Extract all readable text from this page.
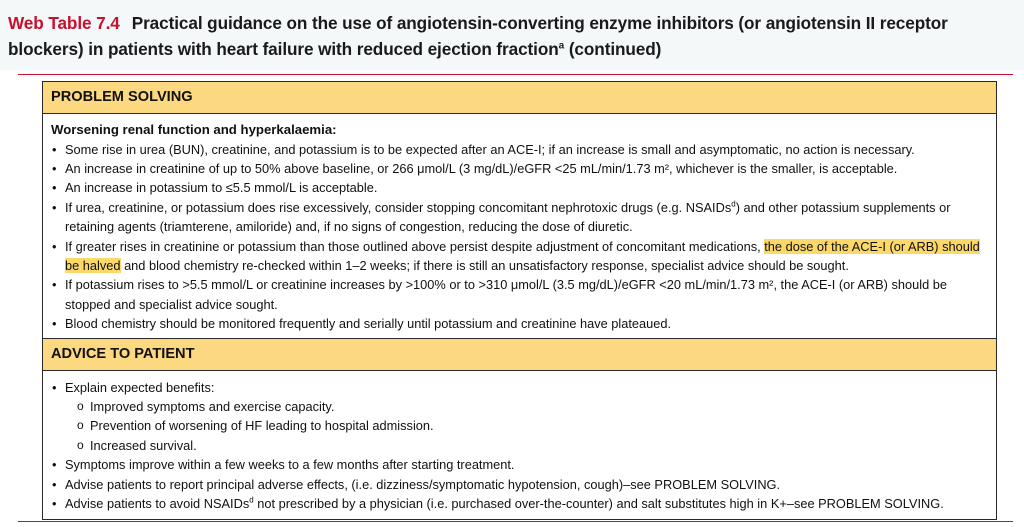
Web Table 7.4 Practical guidance on the use of angiotensin-converting enzyme inhibitors (or angiotensin II receptor blockers) in patients with heart failure with reduced ejection fraction$^a$ (continued)
PROBLEM SOLVING
Worsening renal function and hyperkalaemia:
• Some rise in urea (BUN), creatinine, and potassium is to be expected after an ACE-I; if an increase is small and asymptomatic, no action is necessary.
• An increase in creatinine of up to 50% above baseline, or 266 μmol/L (3 mg/dL)/eGFR <25 mL/min/1.73 m², whichever is the smaller, is acceptable.
• An increase in potassium to ≤5.5 mmol/L is acceptable.
• If urea, creatinine, or potassium does rise excessively, consider stopping concomitant nephrotoxic drugs (e.g. NSAIDs$^d$) and other potassium supplements or retaining agents (triamterene, amiloride) and, if no signs of congestion, reducing the dose of diuretic.
• If greater rises in creatinine or potassium than those outlined above persist despite adjustment of concomitant medications, the dose of the ACE-I (or ARB) should be halved and blood chemistry re-checked within 1–2 weeks; if there is still an unsatisfactory response, specialist advice should be sought.
• If potassium rises to >5.5 mmol/L or creatinine increases by >100% or to >310 μmol/L (3.5 mg/dL)/eGFR <20 mL/min/1.73 m², the ACE-I (or ARB) should be stopped and specialist advice sought.
• Blood chemistry should be monitored frequently and serially until potassium and creatinine have plateaued.
ADVICE TO PATIENT
• Explain expected benefits:
o Improved symptoms and exercise capacity.
o Prevention of worsening of HF leading to hospital admission.
o Increased survival.
• Symptoms improve within a few weeks to a few months after starting treatment.
• Advise patients to report principal adverse effects, (i.e. dizziness/symptomatic hypotension, cough)–see PROBLEM SOLVING.
• Advise patients to avoid NSAIDs$^d$ not prescribed by a physician (i.e. purchased over-the-counter) and salt substitutes high in K+–see PROBLEM SOLVING.
